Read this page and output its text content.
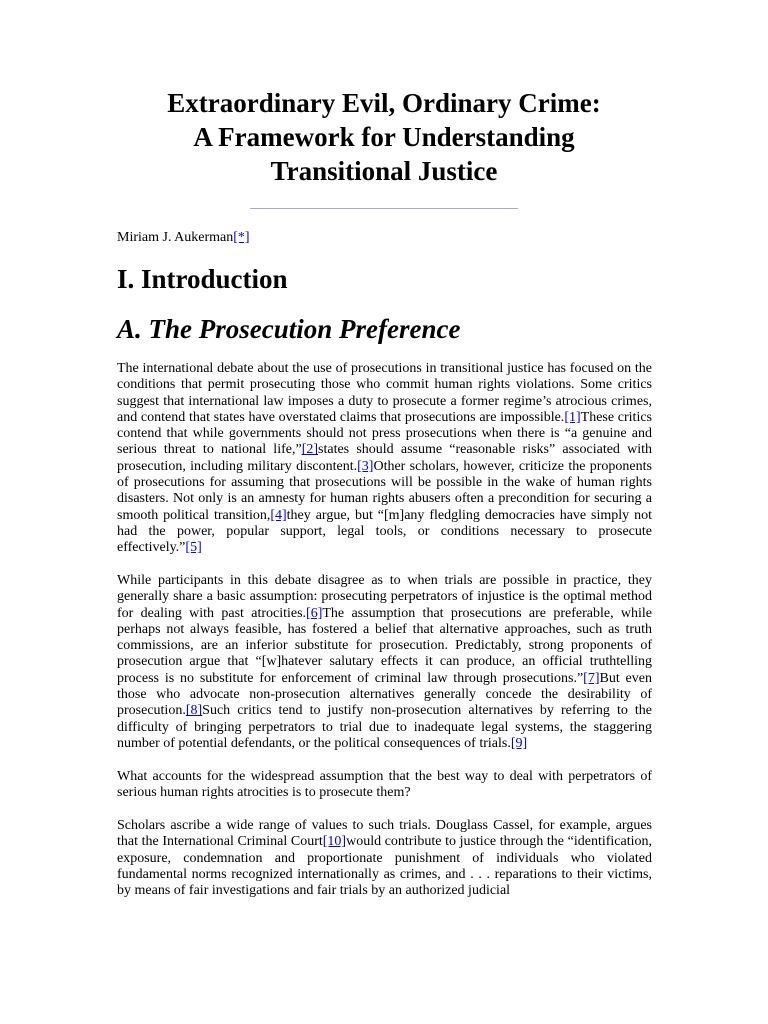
Extraordinary Evil, Ordinary Crime:
A Framework for Understanding
Transitional Justice
Miriam J. Aukerman[*]
I. Introduction
A. The Prosecution Preference
The international debate about the use of prosecutions in transitional justice has focused on the conditions that permit prosecuting those who commit human rights violations. Some critics suggest that international law imposes a duty to prosecute a former regime’s atrocious crimes, and contend that states have overstated claims that prosecutions are impossible.[1]These critics contend that while governments should not press prosecutions when there is “a genuine and serious threat to national life,”[2]states should assume “reasonable risks” associated with prosecution, including military discontent.[3]Other scholars, however, criticize the proponents of prosecutions for assuming that prosecutions will be possible in the wake of human rights disasters. Not only is an amnesty for human rights abusers often a precondition for securing a smooth political transition,[4]they argue, but “[m]any fledgling democracies have simply not had the power, popular support, legal tools, or conditions necessary to prosecute effectively.”[5]
While participants in this debate disagree as to when trials are possible in practice, they generally share a basic assumption: prosecuting perpetrators of injustice is the optimal method for dealing with past atrocities.[6]The assumption that prosecutions are preferable, while perhaps not always feasible, has fostered a belief that alternative approaches, such as truth commissions, are an inferior substitute for prosecution. Predictably, strong proponents of prosecution argue that “[w]hatever salutary effects it can produce, an official truthtelling process is no substitute for enforcement of criminal law through prosecutions.”[7]But even those who advocate non-prosecution alternatives generally concede the desirability of prosecution.[8]Such critics tend to justify non-prosecution alternatives by referring to the difficulty of bringing perpetrators to trial due to inadequate legal systems, the staggering number of potential defendants, or the political consequences of trials.[9]
What accounts for the widespread assumption that the best way to deal with perpetrators of serious human rights atrocities is to prosecute them?
Scholars ascribe a wide range of values to such trials. Douglass Cassel, for example, argues that the International Criminal Court[10]would contribute to justice through the “identification, exposure, condemnation and proportionate punishment of individuals who violated fundamental norms recognized internationally as crimes, and . . . reparations to their victims, by means of fair investigations and fair trials by an authorized judicial
